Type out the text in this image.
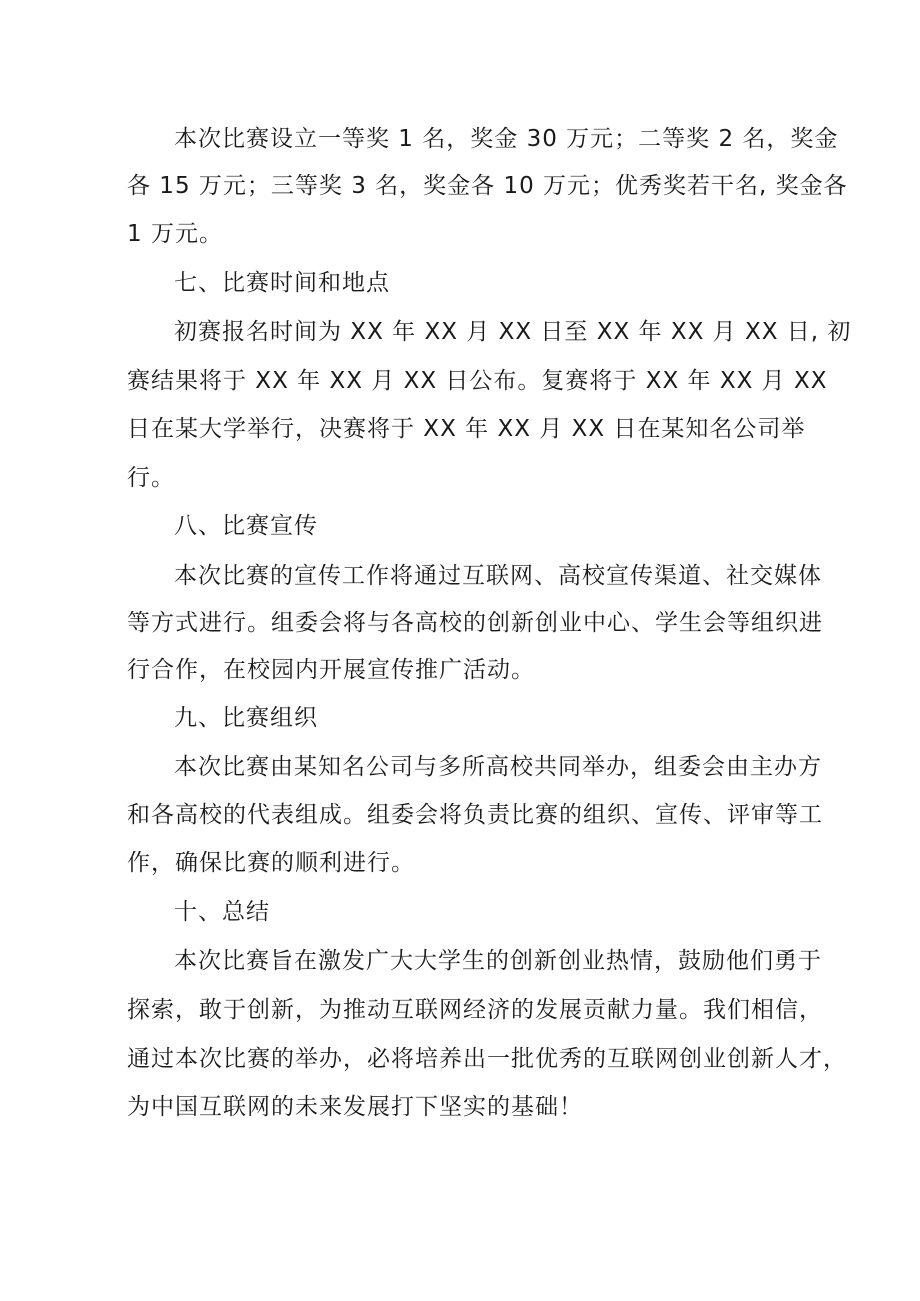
本次比赛设立一等奖 1 名，奖金 30 万元；二等奖 2 名，奖金
各 15 万元；三等奖 3 名，奖金各 10 万元；优秀奖若干名, 奖金各
1 万元。
七、比赛时间和地点
初赛报名时间为 XX 年 XX 月 XX 日至 XX 年 XX 月 XX 日, 初
赛结果将于 XX 年 XX 月 XX 日公布。复赛将于 XX 年 XX 月 XX
日在某大学举行，决赛将于 XX 年 XX 月 XX 日在某知名公司举
行。
八、比赛宣传
本次比赛的宣传工作将通过互联网、高校宣传渠道、社交媒体
等方式进行。组委会将与各高校的创新创业中心、学生会等组织进
行合作，在校园内开展宣传推广活动。
九、比赛组织
本次比赛由某知名公司与多所高校共同举办，组委会由主办方
和各高校的代表组成。组委会将负责比赛的组织、宣传、评审等工
作，确保比赛的顺利进行。
十、总结
本次比赛旨在激发广大大学生的创新创业热情，鼓励他们勇于
探索，敢于创新，为推动互联网经济的发展贡献力量。我们相信，
通过本次比赛的举办，必将培养出一批优秀的互联网创业创新人才，
为中国互联网的未来发展打下坚实的基础！
